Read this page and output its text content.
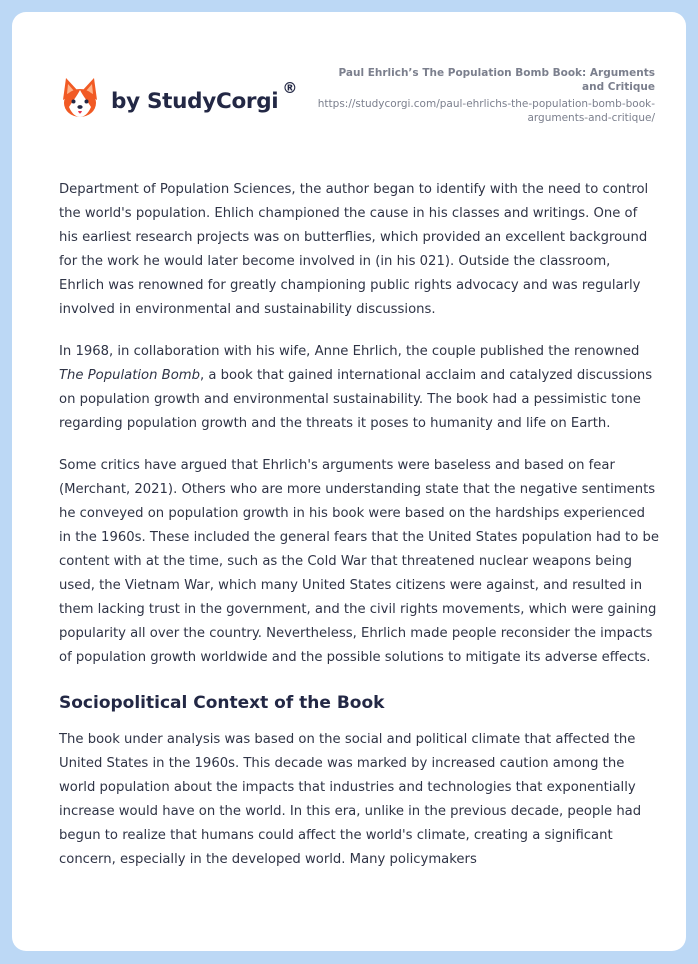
by StudyCorgi
®
Paul Ehrlich’s The Population Bomb Book: Arguments and Critique
https://studycorgi.com/paul-ehrlichs-the-population-bomb-book-arguments-and-critique/

Department of Population Sciences, the author began to identify with the need to control the world's population. Ehlich championed the cause in his classes and writings. One of his earliest research projects was on butterflies, which provided an excellent background for the work he would later become involved in (in his 021). Outside the classroom, Ehrlich was renowned for greatly championing public rights advocacy and was regularly involved in environmental and sustainability discussions.

In 1968, in collaboration with his wife, Anne Ehrlich, the couple published the renowned The Population Bomb, a book that gained international acclaim and catalyzed discussions on population growth and environmental sustainability. The book had a pessimistic tone regarding population growth and the threats it poses to humanity and life on Earth.

Some critics have argued that Ehrlich's arguments were baseless and based on fear (Merchant, 2021). Others who are more understanding state that the negative sentiments he conveyed on population growth in his book were based on the hardships experienced in the 1960s. These included the general fears that the United States population had to be content with at the time, such as the Cold War that threatened nuclear weapons being used, the Vietnam War, which many United States citizens were against, and resulted in them lacking trust in the government, and the civil rights movements, which were gaining popularity all over the country. Nevertheless, Ehrlich made people reconsider the impacts of population growth worldwide and the possible solutions to mitigate its adverse effects.

Sociopolitical Context of the Book

The book under analysis was based on the social and political climate that affected the United States in the 1960s. This decade was marked by increased caution among the world population about the impacts that industries and technologies that exponentially increase would have on the world. In this era, unlike in the previous decade, people had begun to realize that humans could affect the world's climate, creating a significant concern, especially in the developed world. Many policymakers
